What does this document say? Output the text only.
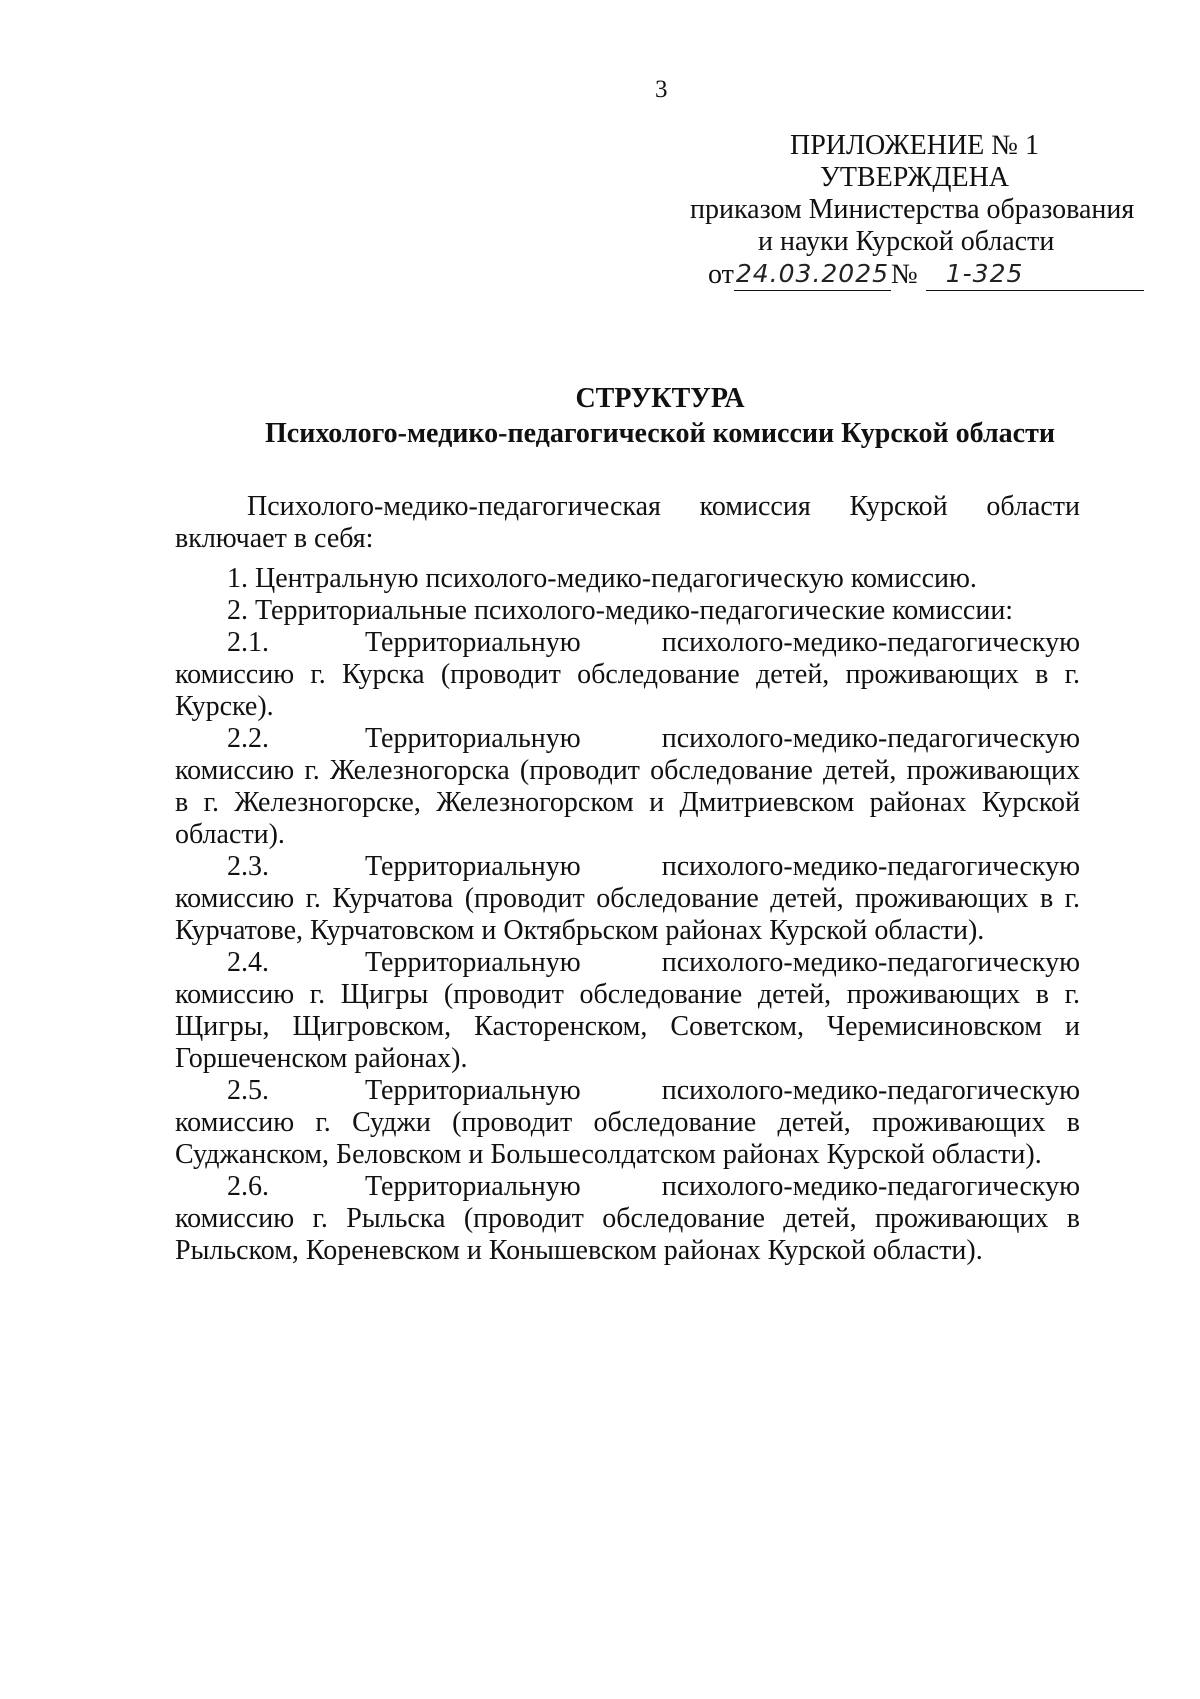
3
ПРИЛОЖЕНИЕ № 1
УТВЕРЖДЕНА
приказом Министерства образования
и науки Курской области
от 24.03.2025 №	1-325
СТРУКТУРА
Психолого-медико-педагогической комиссии Курской области
Психолого-медико-педагогическая комиссия Курской области
включает в себя:

1. Центральную психолого-медико-педагогическую комиссию.

2. Территориальные психолого-медико-педагогические комиссии:

2.1.	Территориальную	психолого-медико-педагогическую
комиссию г. Курска (проводит обследование детей, проживающих в г. Курске).
2.2.	Территориальную	психолого-медико-педагогическую
комиссию г. Железногорска (проводит обследование детей, проживающих в г. Железногорске, Железногорском и Дмитриевском районах Курской области).
2.3.	Территориальную	психолого-медико-педагогическую
комиссию г. Курчатова (проводит обследование детей, проживающих в г. Курчатове, Курчатовском и Октябрьском районах Курской области).
2.4.	Территориальную	психолого-медико-педагогическую
комиссию г. Щигры (проводит обследование детей, проживающих в г. Щигры, Щигровском, Касторенском, Советском, Черемисиновском и Горшеченском районах).
2.5.	Территориальную	психолого-медико-педагогическую
комиссию г. Суджи (проводит обследование детей, проживающих в Суджанском, Беловском и Большесолдатском районах Курской области).
2.6.	Территориальную	психолого-медико-педагогическую
комиссию г. Рыльска (проводит обследование детей, проживающих в Рыльском, Кореневском и Конышевском районах Курской области).
